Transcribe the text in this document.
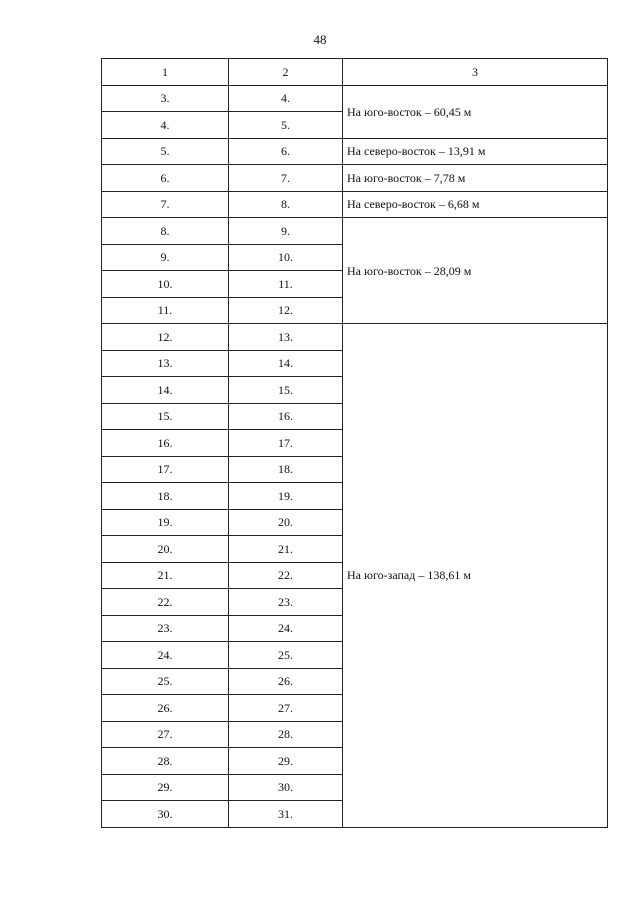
48
1	2	3
3.	4.	На юго-восток – 60,45 м
4.	5.	
5.	6.	На северо-восток – 13,91 м
6.	7.	На юго-восток – 7,78 м
7.	8.	На северо-восток – 6,68 м
8.	9.	На юго-восток – 28,09 м
9.	10.	
10.	11.	
11.	12.	
12.	13.	На юго-запад – 138,61 м
13.	14.	
14.	15.	
15.	16.	
16.	17.	
17.	18.	
18.	19.	
19.	20.	
20.	21.	
21.	22.	
22.	23.	
23.	24.	
24.	25.	
25.	26.	
26.	27.	
27.	28.	
28.	29.	
29.	30.	
30.	31.	
